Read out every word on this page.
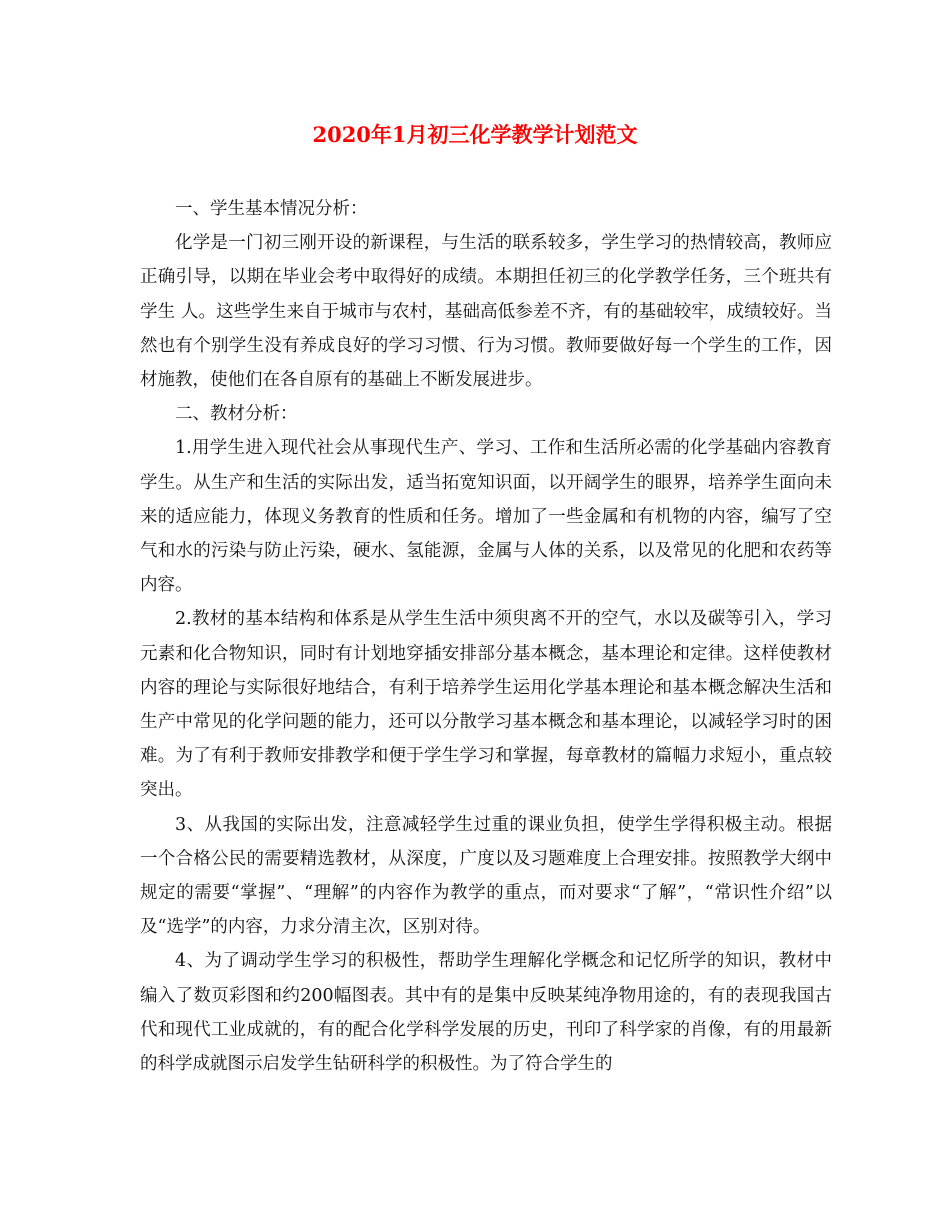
2020年1月初三化学教学计划范文

一、学生基本情况分析：

化学是一门初三刚开设的新课程，与生活的联系较多，学生学习的热情较高，教师应正确引导，以期在毕业会考中取得好的成绩。本期担任初三的化学教学任务，三个班共有学生 人。这些学生来自于城市与农村，基础高低参差不齐，有的基础较牢，成绩较好。当然也有个别学生没有养成良好的学习习惯、行为习惯。教师要做好每一个学生的工作，因材施教，使他们在各自原有的基础上不断发展进步。

二、教材分析：

1.用学生进入现代社会从事现代生产、学习、工作和生活所必需的化学基础内容教育学生。从生产和生活的实际出发，适当拓宽知识面，以开阔学生的眼界，培养学生面向未来的适应能力，体现义务教育的性质和任务。增加了一些金属和有机物的内容，编写了空气和水的污染与防止污染，硬水、氢能源，金属与人体的关系，以及常见的化肥和农药等内容。

2.教材的基本结构和体系是从学生生活中须臾离不开的空气，水以及碳等引入，学习元素和化合物知识，同时有计划地穿插安排部分基本概念，基本理论和定律。这样使教材内容的理论与实际很好地结合，有利于培养学生运用化学基本理论和基本概念解决生活和生产中常见的化学问题的能力，还可以分散学习基本概念和基本理论，以减轻学习时的困难。为了有利于教师安排教学和便于学生学习和掌握，每章教材的篇幅力求短小，重点较突出。

3、从我国的实际出发，注意减轻学生过重的课业负担，使学生学得积极主动。根据一个合格公民的需要精选教材，从深度，广度以及习题难度上合理安排。按照教学大纲中规定的需要“掌握”、“理解”的内容作为教学的重点，而对要求“了解”，“常识性介绍”以及“选学”的内容，力求分清主次，区别对待。

4、为了调动学生学习的积极性，帮助学生理解化学概念和记忆所学的知识，教材中编入了数页彩图和约200幅图表。其中有的是集中反映某纯净物用途的，有的表现我国古代和现代工业成就的，有的配合化学科学发展的历史，刊印了科学家的肖像，有的用最新的科学成就图示启发学生钻研科学的积极性。为了符合学生的
